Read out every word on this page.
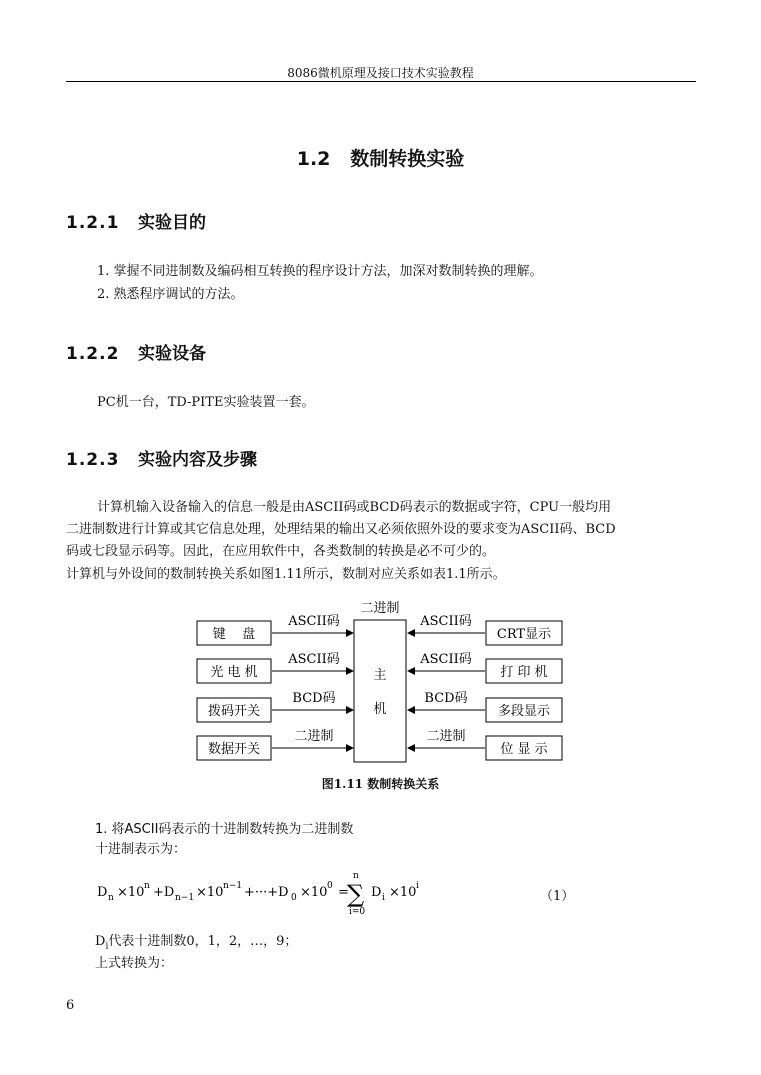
8086微机原理及接口技术实验教程
1.2 数制转换实验
1.2.1 实验目的
1. 掌握不同进制数及编码相互转换的程序设计方法，加深对数制转换的理解。
2. 熟悉程序调试的方法。
1.2.2 实验设备
PC机一台，TD-PITE实验装置一套。
1.2.3 实验内容及步骤
计算机输入设备输入的信息一般是由ASCII码或BCD码表示的数据或字符，CPU一般均用
二进制数进行计算或其它信息处理，处理结果的输出又必须依照外设的要求变为ASCII码、BCD
码或七段显示码等。因此，在应用软件中，各类数制的转换是必不可少的。
计算机与外设间的数制转换关系如图1.11所示，数制对应关系如表1.1所示。
二进制
主
机
键    盘
光 电 机
拨码开关
数据开关
ASCII码
ASCII码
BCD码
二进制
CRT显示
打 印 机
多段显示
位 显 示
ASCII码
ASCII码
BCD码
二进制
图1.11 数制转换关系
1. 将ASCII码表示的十进制数转换为二进制数
十进制表示为：
D n ×10 n +D n−1 ×10 n−1 +···+D 0 ×10 0 =
n
∑
i=0
D i ×10 i
（1）
$D_i$代表十进制数0，1，2，…，9；
上式转换为：
6
